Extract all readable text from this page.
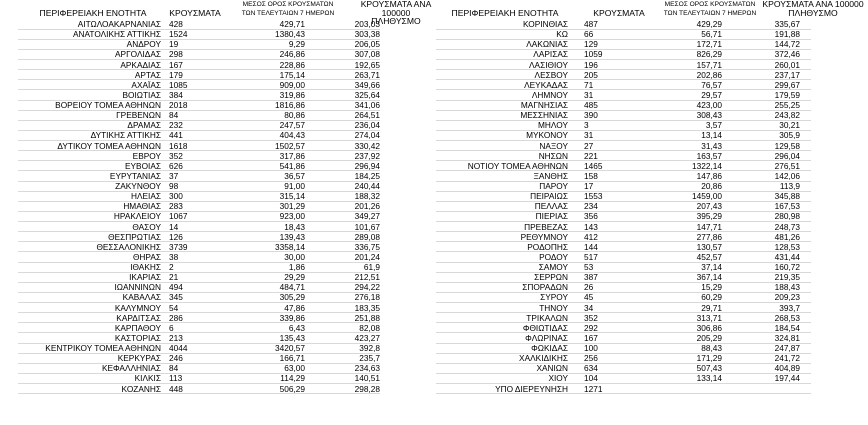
ΠΕΡΙΦΕΡΕΙΑΚΗ ΕΝΟΤΗΤΑ	ΚΡΟΥΣΜΑΤΑ
ΜΕΣΟΣ ΟΡΟΣ ΚΡΟΥΣΜΑΤΩΝ
ΤΩΝ ΤΕΛΕΥΤΑΙΩΝ 7 ΗΜΕΡΩΝ
ΚΡΟΥΣΜΑΤΑ ΑΝΑ 100000
ΠΛΗΘΥΣΜΟ
ΑΙΤΩΛΟΑΚΑΡΝΑΝΙΑΣ 428	429,71	203,03
ΑΝΑΤΟΛΙΚΗΣ ΑΤΤΙΚΗΣ 1524	1380,43	303,38
ΑΝΔΡΟΥ 19	9,29	206,05
ΑΡΓΟΛΙΔΑΣ 298	246,86	307,08
ΑΡΚΑΔΙΑΣ 167	228,86	192,65
ΑΡΤΑΣ 179	175,14	263,71
ΑΧΑΪΑΣ 1085	909,00	349,66
ΒΟΙΩΤΙΑΣ 384	319,86	325,64
ΒΟΡΕΙΟΥ ΤΟΜΕΑ ΑΘΗΝΩΝ 2018	1816,86	341,06
ΓΡΕΒΕΝΩΝ 84	80,86	264,51
ΔΡΑΜΑΣ 232	247,57	236,04
ΔΥΤΙΚΗΣ ΑΤΤΙΚΗΣ 441	404,43	274,04
ΔΥΤΙΚΟΥ ΤΟΜΕΑ ΑΘΗΝΩΝ 1618	1502,57	330,42
ΕΒΡΟΥ 352	317,86	237,92
ΕΥΒΟΙΑΣ 626	541,86	296,94
ΕΥΡΥΤΑΝΙΑΣ 37	36,57	184,25
ΖΑΚΥΝΘΟΥ 98	91,00	240,44
ΗΛΕΙΑΣ 300	315,14	188,32
ΗΜΑΘΙΑΣ 283	301,29	201,26
ΗΡΑΚΛΕΙΟΥ 1067	923,00	349,27
ΘΑΣΟΥ 14	18,43	101,67
ΘΕΣΠΡΩΤΙΑΣ 126	139,43	289,08
ΘΕΣΣΑΛΟΝΙΚΗΣ 3739	3358,14	336,75
ΘΗΡΑΣ 38	30,00	201,24
ΙΘΑΚΗΣ 2	1,86	61,9
ΙΚΑΡΙΑΣ 21	29,29	212,51
ΙΩΑΝΝΙΝΩΝ 494	484,71	294,22
ΚΑΒΑΛΑΣ 345	305,29	276,18
ΚΑΛΥΜΝΟΥ 54	47,86	183,35
ΚΑΡΔΙΤΣΑΣ 286	339,86	251,88
ΚΑΡΠΑΘΟΥ 6	6,43	82,08
ΚΑΣΤΟΡΙΑΣ 213	135,43	423,27
ΚΕΝΤΡΙΚΟΥ ΤΟΜΕΑ ΑΘΗΝΩΝ 4044	3420,57	392,8
ΚΕΡΚΥΡΑΣ 246	166,71	235,7
ΚΕΦΑΛΛΗΝΙΑΣ 84	63,00	234,63
ΚΙΛΚΙΣ 113	114,29	140,51
ΚΟΖΑΝΗΣ 448	506,29	298,28
ΠΕΡΙΦΕΡΕΙΑΚΗ ΕΝΟΤΗΤΑ	ΚΡΟΥΣΜΑΤΑ
ΜΕΣΟΣ ΟΡΟΣ ΚΡΟΥΣΜΑΤΩΝ
ΤΩΝ ΤΕΛΕΥΤΑΙΩΝ 7 ΗΜΕΡΩΝ
ΚΡΟΥΣΜΑΤΑ ΑΝΑ 100000
ΠΛΗΘΥΣΜΟ
ΚΟΡΙΝΘΙΑΣ 487	429,29	335,67
ΚΩ 66	56,71	191,88
ΛΑΚΩΝΙΑΣ 129	172,71	144,72
ΛΑΡΙΣΑΣ 1059	826,29	372,46
ΛΑΣΙΘΙΟΥ 196	157,71	260,01
ΛΕΣΒΟΥ 205	202,86	237,17
ΛΕΥΚΑΔΑΣ 71	76,57	299,67
ΛΗΜΝΟΥ 31	29,57	179,59
ΜΑΓΝΗΣΙΑΣ 485	423,00	255,25
ΜΕΣΣΗΝΙΑΣ 390	308,43	243,82
ΜΗΛΟΥ 3	3,57	30,21
ΜΥΚΟΝΟΥ 31	13,14	305,9
ΝΑΞΟΥ 27	31,43	129,58
ΝΗΣΩΝ 221	163,57	296,04
ΝΟΤΙΟΥ ΤΟΜΕΑ ΑΘΗΝΩΝ 1465	1322,14	276,51
ΞΑΝΘΗΣ 158	147,86	142,06
ΠΑΡΟΥ 17	20,86	113,9
ΠΕΙΡΑΙΩΣ 1553	1459,00	345,88
ΠΕΛΛΑΣ 234	207,43	167,53
ΠΙΕΡΙΑΣ 356	395,29	280,98
ΠΡΕΒΕΖΑΣ 143	147,71	248,73
ΡΕΘΥΜΝΟΥ 412	277,86	481,26
ΡΟΔΟΠΗΣ 144	130,57	128,53
ΡΟΔΟΥ 517	452,57	431,44
ΣΑΜΟΥ 53	37,14	160,72
ΣΕΡΡΩΝ 387	367,14	219,35
ΣΠΟΡΑΔΩΝ 26	15,29	188,43
ΣΥΡΟΥ 45	60,29	209,23
ΤΗΝΟΥ 34	29,71	393,7
ΤΡΙΚΑΛΩΝ 352	313,71	268,53
ΦΘΙΩΤΙΔΑΣ 292	306,86	184,54
ΦΛΩΡΙΝΑΣ 167	205,29	324,81
ΦΩΚΙΔΑΣ 100	88,43	247,87
ΧΑΛΚΙΔΙΚΗΣ 256	171,29	241,72
ΧΑΝΙΩΝ 634	507,43	404,89
ΧΙΟΥ 104	133,14	197,44
ΥΠΟ ΔΙΕΡΕΥΝΗΣΗ 1271
